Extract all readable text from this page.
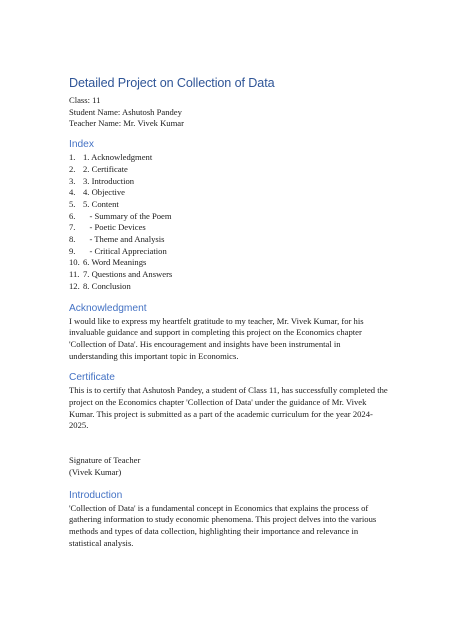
Detailed Project on Collection of Data

Class: 11

Student Name: Ashutosh Pandey

Teacher Name: Mr. Vivek Kumar

Index
1. 1. Acknowledgment
2. 2. Certificate
3. 3. Introduction
4. 4. Objective
5. 5. Content
6. - Summary of the Poem
7. - Poetic Devices
8. - Theme and Analysis
9. - Critical Appreciation
10. 6. Word Meanings
11. 7. Questions and Answers
12. 8. Conclusion
Acknowledgment
I would like to express my heartfelt gratitude to my teacher, Mr. Vivek Kumar, for his
invaluable guidance and support in completing this project on the Economics chapter
'Collection of Data'. His encouragement and insights have been instrumental in
understanding this important topic in Economics.
Certificate
This is to certify that Ashutosh Pandey, a student of Class 11, has successfully completed the
project on the Economics chapter 'Collection of Data' under the guidance of Mr. Vivek
Kumar. This project is submitted as a part of the academic curriculum for the year 2024-
2025.
Signature of Teacher
(Vivek Kumar)
Introduction
'Collection of Data' is a fundamental concept in Economics that explains the process of
gathering information to study economic phenomena. This project delves into the various
methods and types of data collection, highlighting their importance and relevance in
statistical analysis.
